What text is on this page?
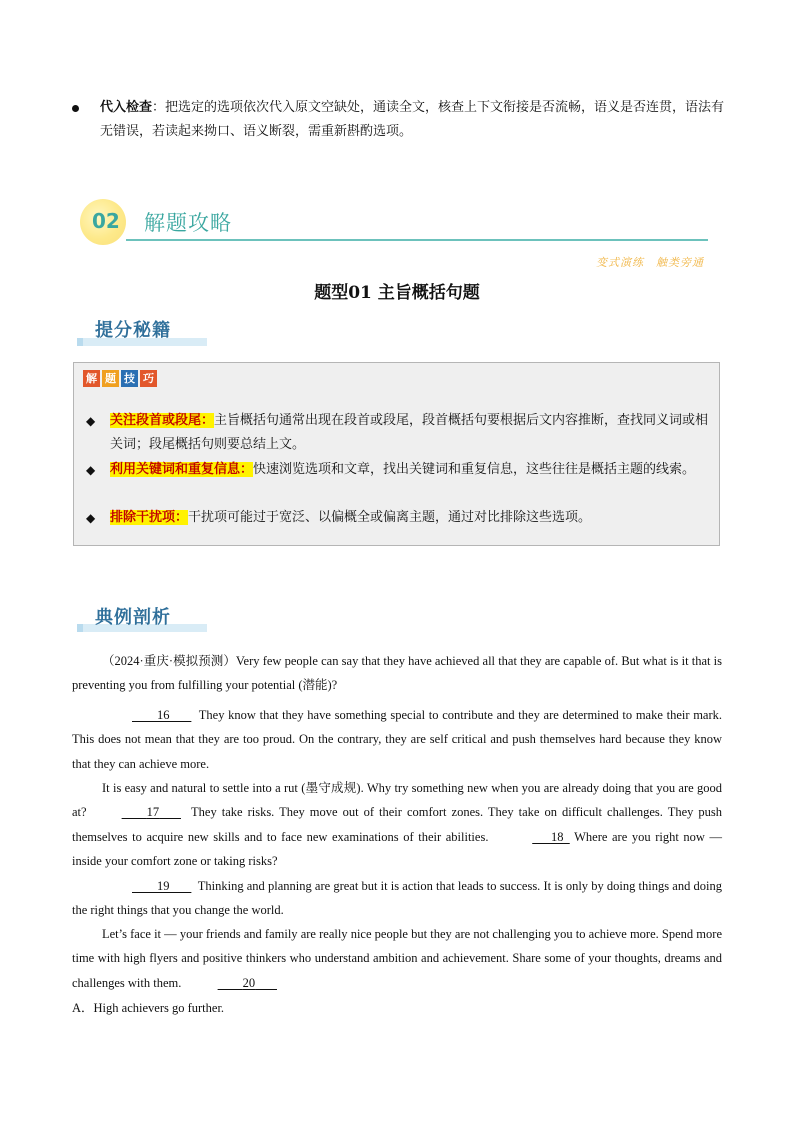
代入检查：把选定的选项依次代入原文空缺处，通读全文，核查上下文衔接是否流畅，语义是否连贯，语法有无错误，若读起来拗口、语义断裂，需重新斟酌选项。
02 解题攻略
变式演练　触类旁通
题型01 主旨概括句题
提分秘籍
解 题 技 巧
◆ 关注段首或段尾：主旨概括句通常出现在段首或段尾，段首概括句要根据后文内容推断，查找同义词或相关词；段尾概括句则要总结上文。
◆ 利用关键词和重复信息：快速浏览选项和文章，找出关键词和重复信息，这些往往是概括主题的线索。
◆ 排除干扰项：干扰项可能过于宽泛、以偏概全或偏离主题，通过对比排除这些选项。
典例剖析
（2024·重庆·模拟预测）Very few people can say that they have achieved all that they are capable of. But what is it that is preventing you from fulfilling your potential (潜能)?
16 They know that they have something special to contribute and they are determined to make their mark. This does not mean that they are too proud. On the contrary, they are self critical and push themselves hard because they know that they can achieve more.
It is easy and natural to settle into a rut (墨守成规). Why try something new when you are already doing that you are good at?	17	They take risks. They move out of their comfort zones. They take on difficult challenges. They push themselves to acquire new skills and to face new examinations of their abilities.	18 Where are you right now — inside your comfort zone or taking risks?
19 Thinking and planning are great but it is action that leads to success. It is only by doing things and doing the right things that you change the world.
Let’s face it — your friends and family are really nice people but they are not challenging you to achieve more. Spend more time with high flyers and positive thinkers who understand ambition and achievement. Share some of your thoughts, dreams and challenges with them.	20
A．High achievers go further.
